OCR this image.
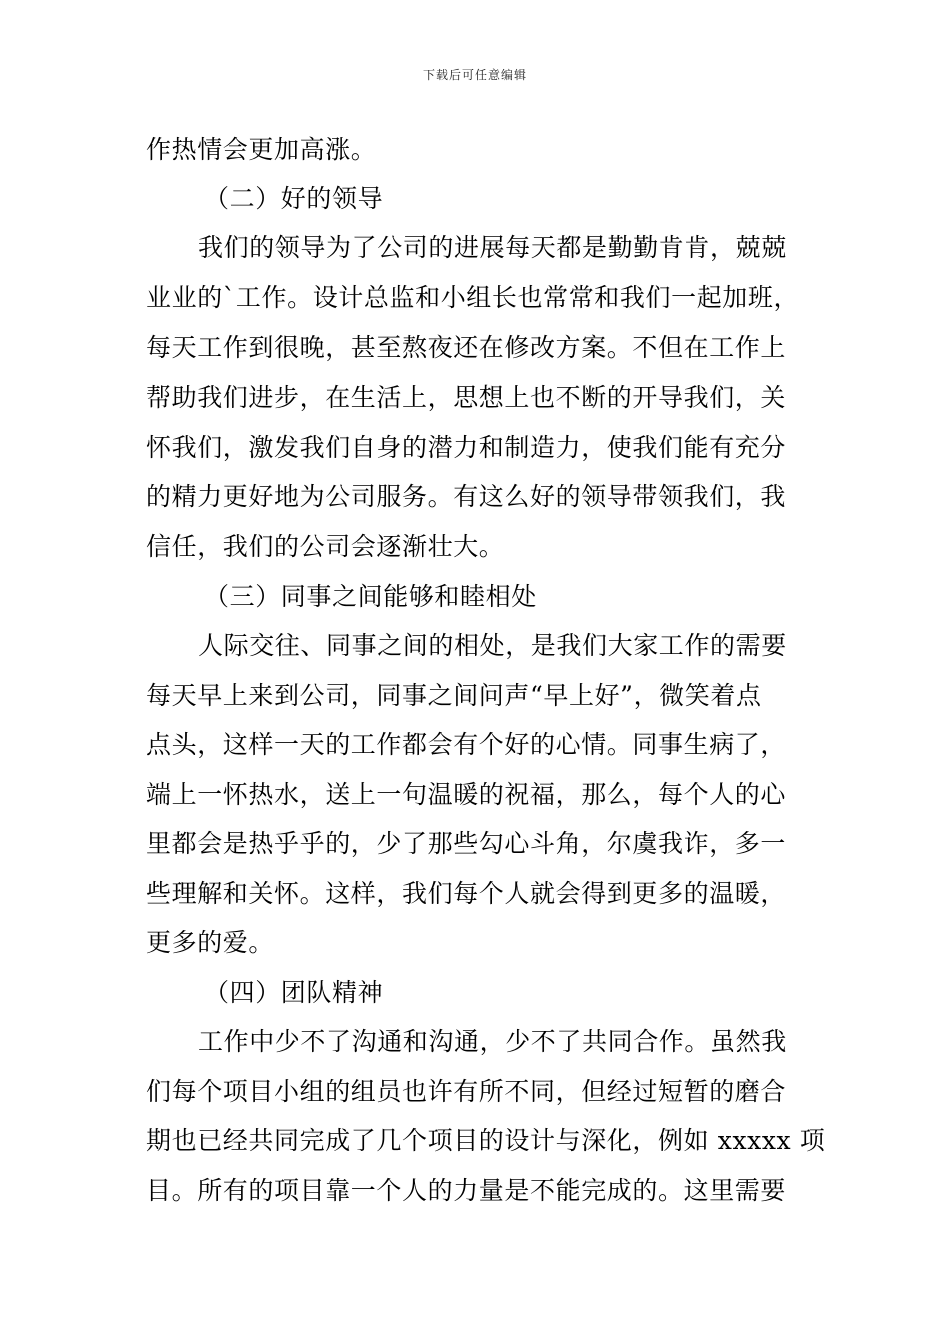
下载后可任意编辑
作热情会更加高涨。
（二）好的领导
我们的领导为了公司的进展每天都是勤勤肯肯，兢兢
业业的`工作。设计总监和小组长也常常和我们一起加班，
每天工作到很晚，甚至熬夜还在修改方案。不但在工作上
帮助我们进步，在生活上，思想上也不断的开导我们，关
怀我们，激发我们自身的潜力和制造力，使我们能有充分
的精力更好地为公司服务。有这么好的领导带领我们，我
信任，我们的公司会逐渐壮大。
（三）同事之间能够和睦相处
人际交往、同事之间的相处，是我们大家工作的需要
每天早上来到公司，同事之间问声“早上好”，微笑着点
点头，这样一天的工作都会有个好的心情。同事生病了，
端上一怀热水，送上一句温暖的祝福，那么，每个人的心
里都会是热乎乎的，少了那些勾心斗角，尔虞我诈，多一
些理解和关怀。这样，我们每个人就会得到更多的温暖，
更多的爱。
（四）团队精神
工作中少不了沟通和沟通，少不了共同合作。虽然我
们每个项目小组的组员也许有所不同，但经过短暂的磨合
期也已经共同完成了几个项目的设计与深化，例如 xxxxx 项
目。所有的项目靠一个人的力量是不能完成的。这里需要
